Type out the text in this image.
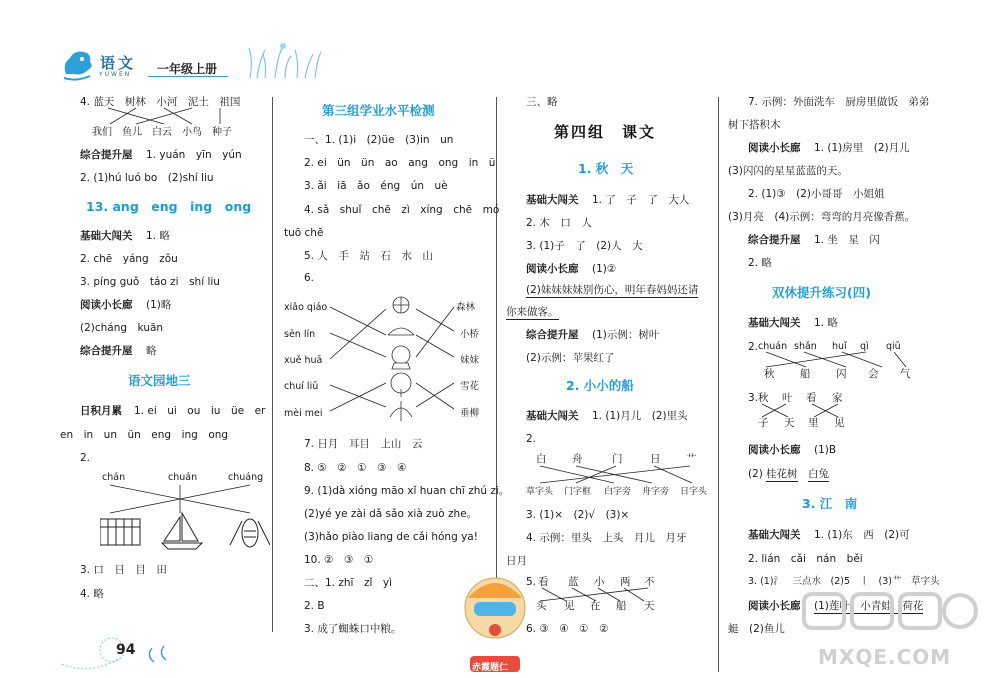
语文
YUWEN 一年级上册
4. 蓝天　树林　小河　泥土　祖国
我们　鱼儿　白云　小鸟　种子
综合提升屋 1. yuán　yīn　yún
2. (1)hú luó bo　(2)shí liu
13. ang　eng　ing　ong
基础大闯关 1. 略
2. chē　yáng　zǒu
3. píng guǒ　táo zi　shí liu
阅读小长廊 (1)略
(2)cháng　kuān
综合提升屋 略
语文园地三
日积月累 1. ei　ui　ou　iu　üe　er
en　in　un　ün　eng　ing　ong
2.
chán	chuán	chuáng
3. 口　日　目　田
4. 略
第三组学业水平检测
一、1. (1)i　(2)üe　(3)in　un
2. ei　ün　ün　ao　ang　ong　in　ü
3. ǎi　iā　ǎo　éng　ún　uè
4. sǎ　shuǐ　chē　zì　xíng　chē　mó
tuō chē
5. 人　手　站　石　水　山
6.
xiǎo qiáo
sēn lín
xuě huā
chuí liǔ
mèi mei
森林
小桥
妹妹
雪花
垂柳
7. 日月　耳目　上山　云
8. ⑤　②　①　③　④
9. (1)dà xióng māo xǐ huan chī zhú zi。
(2)yé ye zài dǎ sǎo xià zuò zhe。
(3)hǎo piào liang de cǎi hóng ya!
10. ②　③　①
二、1. zhī　zǐ　yì
2. B
3. 成了蜘蛛口中粮。
三、略
第四组　课文
1. 秋　天
基础大闯关 1. 了　子　了　大人
2. 木　口　人
3. (1)子　了　(2)人　大
阅读小长廊 (1)②
(2)妹妹妹妹别伤心，明年春妈妈还请
你来做客。
综合提升屋 (1)示例：树叶
(2)示例：苹果红了
2. 小小的船
基础大闯关 1. (1)月儿　(2)里头
2.
白 舟	门	日 艹
草字头 门字框 白字旁 舟字旁 日字头
3. (1)×　(2)√　(3)×
4. 示例：里头　上头　月儿　月牙
日月
5. 看 蓝 小 两 不
头 见 在 船 天
6. ③　④　①　②
7. 示例：外面洗车　厨房里做饭　弟弟
树下搭积木
阅读小长廊 1. (1)房里　(2)月儿
(3)闪闪的星星蓝蓝的天。
2. (1)③　(2)小哥哥　小姐姐
(3)月亮　(4)示例：弯弯的月亮像香蕉。
综合提升屋 1. 坐　星　闪
2. 略
双休提升练习(四)
基础大闯关 1. 略
2. chuán shǎn huǐ qì qiǔ
秋 船 闪 会 气
3. 秋 叶 看 家
子 天 里 见
阅读小长廊 (1)B
(2) 桂花树 白兔
3. 江　南
基础大闯关 1. (1)东　西　(2)可
2. lián　cǎi　nán　běi
3. (1)氵　三点水　(2)5　丨　(3)艹　草字头
阅读小长廊 (1)莲叶　小青蛙　荷花
蜓　(2)鱼儿
94
赤霞题仁	MXQE.COM
